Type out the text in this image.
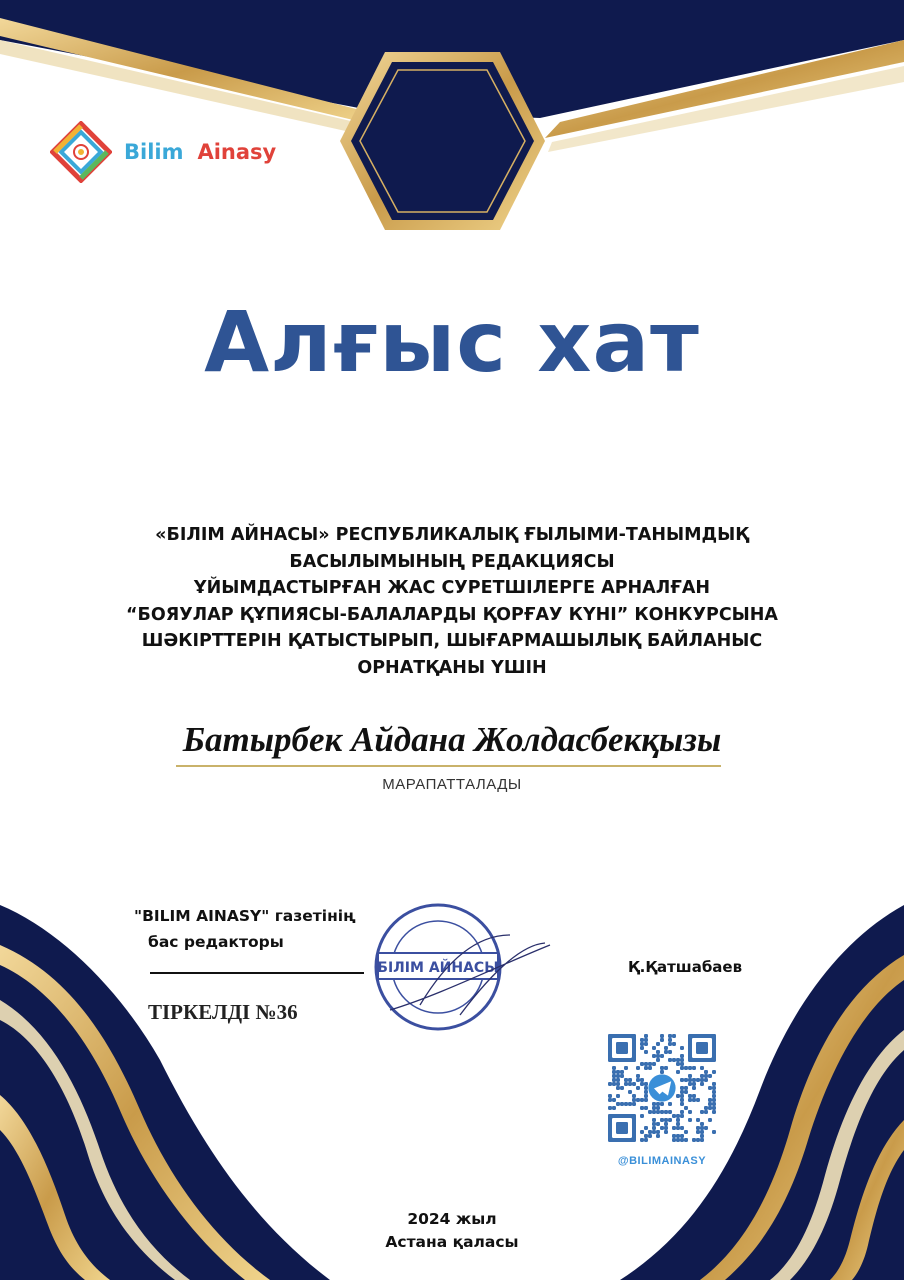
Bilim Ainasy
Алғыс хат
«БІЛІМ АЙНАСЫ» РЕСПУБЛИКАЛЫҚ ҒЫЛЫМИ-ТАНЫМДЫҚ
БАСЫЛЫМЫНЫҢ РЕДАКЦИЯСЫ
ҰЙЫМДАСТЫРҒАН ЖАС СУРЕТШІЛЕРГЕ АРНАЛҒАН
“БОЯУЛАР ҚҰПИЯСЫ-БАЛАЛАРДЫ ҚОРҒАУ КҮНІ” КОНКУРСЫНА
ШӘКІРТТЕРІН ҚАТЫСТЫРЫП, ШЫҒАРМАШЫЛЫҚ БАЙЛАНЫС
ОРНАТҚАНЫ ҮШІН
Батырбек Айдана Жолдасбекқызы
МАРАПАТТАЛАДЫ
"BILIM AINASY" газетінің
бас редакторы
ТІРКЕЛДІ №36
БІЛІМ АЙНАСЫ	Қ.Қатшабаев
@BILIMAINASY
2024 жыл
Астана қаласы
